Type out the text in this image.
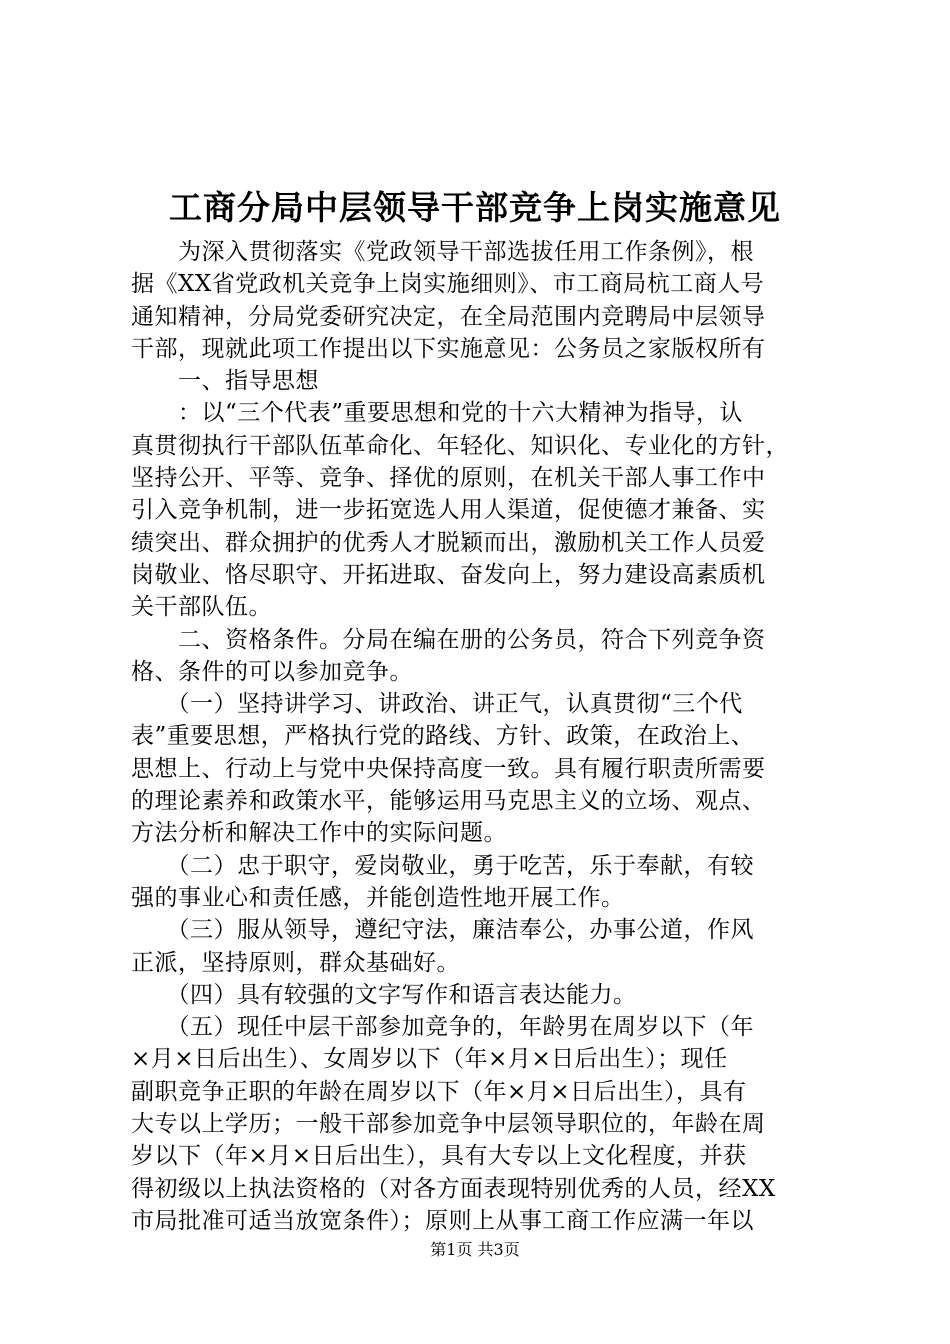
工商分局中层领导干部竞争上岗实施意见
　　为深入贯彻落实《党政领导干部选拔任用工作条例》，根
据《XX省党政机关竞争上岗实施细则》、市工商局杭工商人号
通知精神，分局党委研究决定，在全局范围内竞聘局中层领导
干部，现就此项工作提出以下实施意见：公务员之家版权所有
　　一、指导思想
　　：以“三个代表”重要思想和党的十六大精神为指导，认
真贯彻执行干部队伍革命化、年轻化、知识化、专业化的方针，
坚持公开、平等、竞争、择优的原则，在机关干部人事工作中
引入竞争机制，进一步拓宽选人用人渠道，促使德才兼备、实
绩突出、群众拥护的优秀人才脱颖而出，激励机关工作人员爱
岗敬业、恪尽职守、开拓进取、奋发向上，努力建设高素质机
关干部队伍。
　　二、资格条件。分局在编在册的公务员，符合下列竞争资
格、条件的可以参加竞争。
　　（一）坚持讲学习、讲政治、讲正气，认真贯彻“三个代
表”重要思想，严格执行党的路线、方针、政策，在政治上、
思想上、行动上与党中央保持高度一致。具有履行职责所需要
的理论素养和政策水平，能够运用马克思主义的立场、观点、
方法分析和解决工作中的实际问题。
　　（二）忠于职守，爱岗敬业，勇于吃苦，乐于奉献，有较
强的事业心和责任感，并能创造性地开展工作。
　　（三）服从领导，遵纪守法，廉洁奉公，办事公道，作风
正派，坚持原则，群众基础好。
　　（四）具有较强的文字写作和语言表达能力。
　　（五）现任中层干部参加竞争的，年龄男在周岁以下（年
×月×日后出生）、女周岁以下（年×月×日后出生）；现任
副职竞争正职的年龄在周岁以下（年×月×日后出生），具有
大专以上学历；一般干部参加竞争中层领导职位的，年龄在周
岁以下（年×月×日后出生），具有大专以上文化程度，并获
得初级以上执法资格的（对各方面表现特别优秀的人员，经XX
市局批准可适当放宽条件）；原则上从事工商工作应满一年以
第1页 共3页
